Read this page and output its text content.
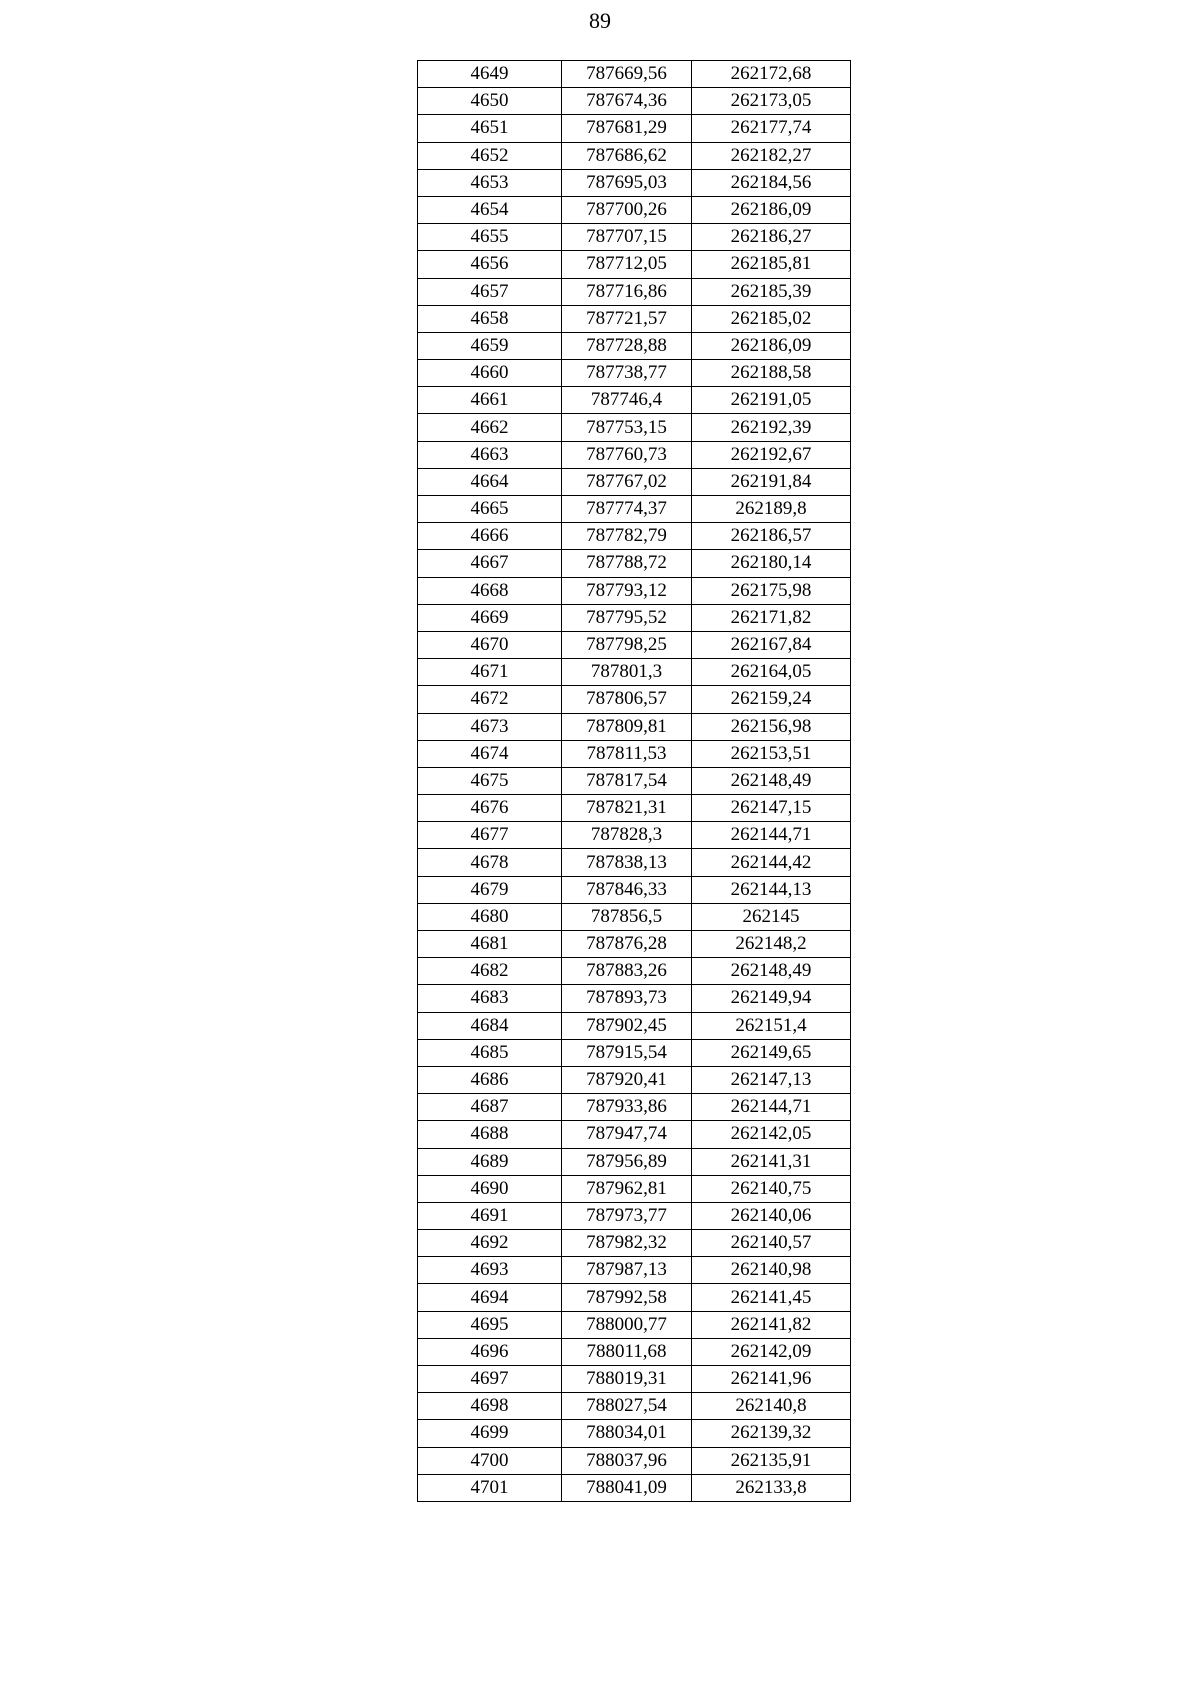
89
4649	787669,56	262172,68
4650	787674,36	262173,05
4651	787681,29	262177,74
4652	787686,62	262182,27
4653	787695,03	262184,56
4654	787700,26	262186,09
4655	787707,15	262186,27
4656	787712,05	262185,81
4657	787716,86	262185,39
4658	787721,57	262185,02
4659	787728,88	262186,09
4660	787738,77	262188,58
4661	787746,4	262191,05
4662	787753,15	262192,39
4663	787760,73	262192,67
4664	787767,02	262191,84
4665	787774,37	262189,8
4666	787782,79	262186,57
4667	787788,72	262180,14
4668	787793,12	262175,98
4669	787795,52	262171,82
4670	787798,25	262167,84
4671	787801,3	262164,05
4672	787806,57	262159,24
4673	787809,81	262156,98
4674	787811,53	262153,51
4675	787817,54	262148,49
4676	787821,31	262147,15
4677	787828,3	262144,71
4678	787838,13	262144,42
4679	787846,33	262144,13
4680	787856,5	262145
4681	787876,28	262148,2
4682	787883,26	262148,49
4683	787893,73	262149,94
4684	787902,45	262151,4
4685	787915,54	262149,65
4686	787920,41	262147,13
4687	787933,86	262144,71
4688	787947,74	262142,05
4689	787956,89	262141,31
4690	787962,81	262140,75
4691	787973,77	262140,06
4692	787982,32	262140,57
4693	787987,13	262140,98
4694	787992,58	262141,45
4695	788000,77	262141,82
4696	788011,68	262142,09
4697	788019,31	262141,96
4698	788027,54	262140,8
4699	788034,01	262139,32
4700	788037,96	262135,91
4701	788041,09	262133,8
